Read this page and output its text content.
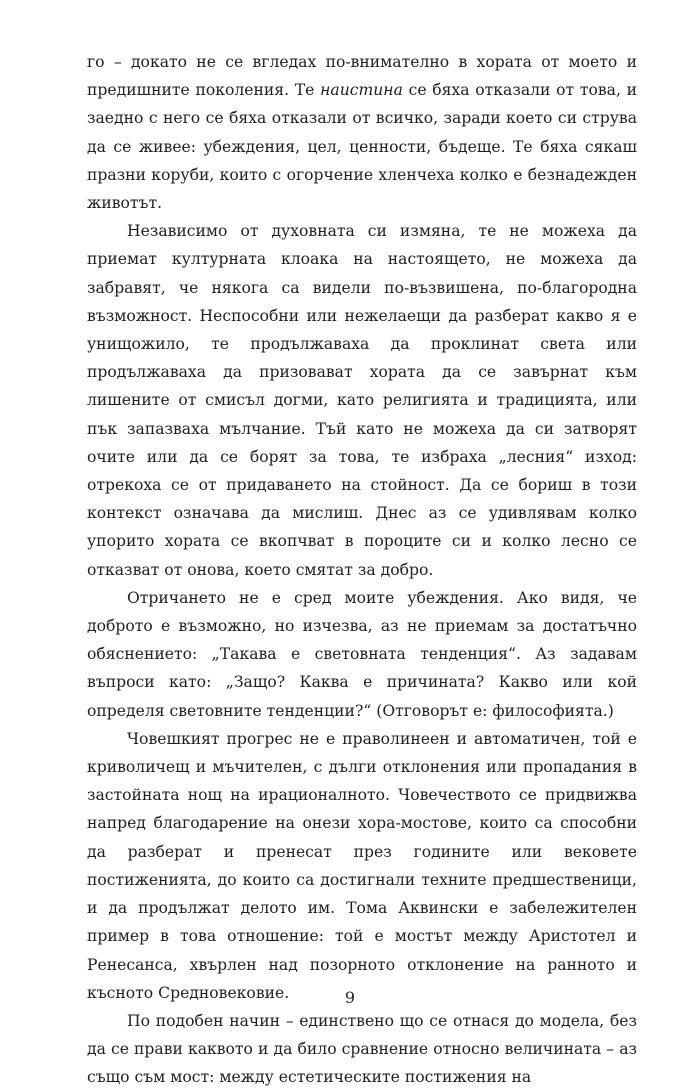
го – докато не се вгледах по-внимателно в хората от моето и предишните поколения. Те наистина се бяха отказали от това, и заедно с него се бяха отказали от всичко, заради което си струва да се живее: убеждения, цел, ценности, бъдеще. Те бяха сякаш празни коруби, които с огорчение хленчеха колко е безнадежден животът.

Независимо от духовната си измяна, те не можеха да приемат културната клоака на настоящето, не можеха да забравят, че някога са видели по-възвишена, по-благородна възможност. Неспособни или нежелаещи да разберат какво я е унищожило, те продължаваха да проклинат света или продължаваха да призовават хората да се завърнат към лишените от смисъл догми, като религията и традицията, или пък запазваха мълчание. Тъй като не можеха да си затворят очите или да се борят за това, те избраха „лесния“ изход: отрекоха се от придаването на стойност. Да се бориш в този контекст означава да мислиш. Днес аз се удивлявам колко упорито хората се вкопчват в пороците си и колко лесно се отказват от онова, което смятат за добро.

Отричането не е сред моите убеждения. Ако видя, че доброто е възможно, но изчезва, аз не приемам за достатъчно обяснението: „Такава е световната тенденция“. Аз задавам въпроси като: „Защо? Каква е причината? Какво или кой определя световните тенденции?“ (Отговорът е: философията.)

Човешкият прогрес не е праволинеен и автоматичен, той е криволичещ и мъчителен, с дълги отклонения или пропадания в застойната нощ на ирационалното. Човечеството се придвижва напред благодарение на онези хора-мостове, които са способни да разберат и пренесат през годините или вековете постиженията, до които са достигнали техните предшественици, и да продължат делото им. Тома Аквински е забележителен пример в това отношение: той е мостът между Аристотел и Ренесанса, хвърлен над позорното отклонение на ранното и късното Средновековие.

По подобен начин – единствено що се отнася до модела, без да се прави каквото и да било сравнение относно величината – аз също съм мост: между естетическите постижения на

9
